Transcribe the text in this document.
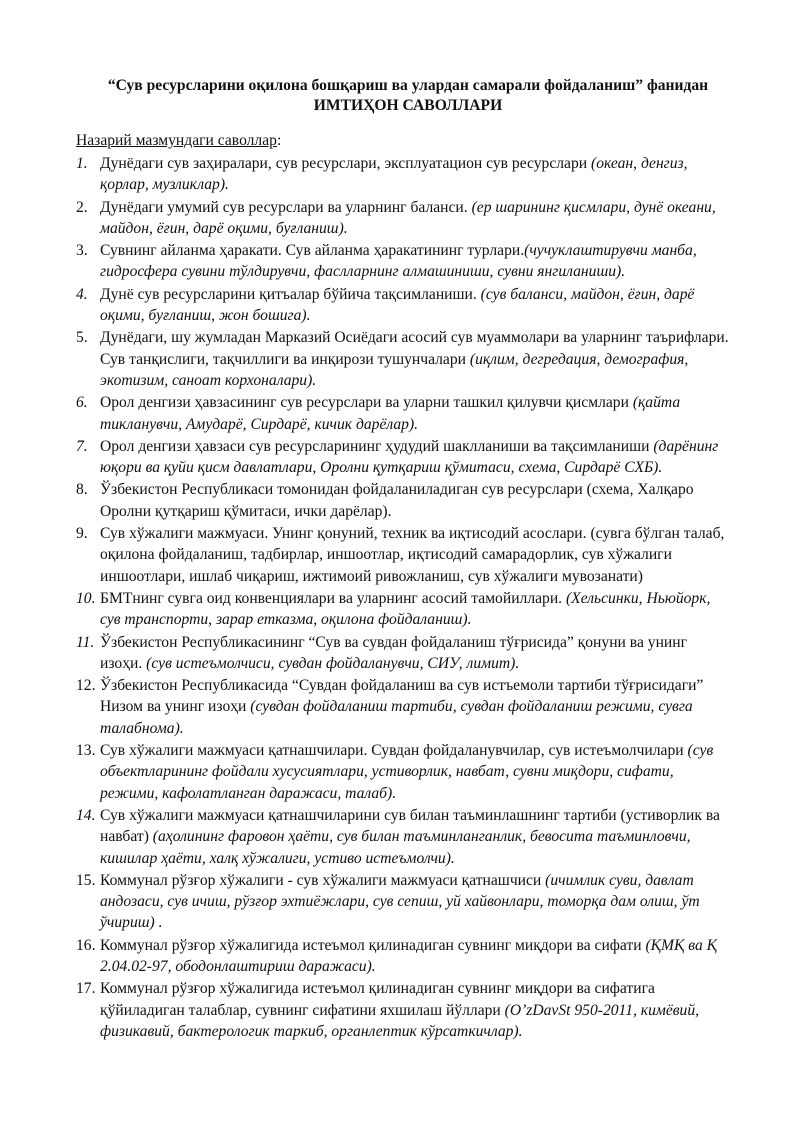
“Сув ресурсларини оқилона бошқариш ва улардан самарали фойдаланиш” фанидан
ИМТИҲОН САВОЛЛАРИ
Назарий мазмундаги саволлар:
1. Дунёдаги сув заҳиралари, сув ресурслари, эксплуатацион сув ресурслари (океан, денгиз, қорлар, музликлар).
2. Дунёдаги умумий сув ресурслари ва уларнинг баланси. (ер шарининг қисмлари, дунё океани, майдон, ёғин, дарё оқими, буғланиш).
3. Сувнинг айланма ҳаракати. Сув айланма ҳаракатининг турлари.(чучуклаштирувчи манба, гидросфера сувини тўлдирувчи, фаслларнинг алмашиниши, сувни янгиланиши).
4. Дунё сув ресурсларини қитъалар бўйича тақсимланиши. (сув баланси, майдон, ёғин, дарё оқими, буғланиш, жон бошига).
5. Дунёдаги, шу жумладан Марказий Осиёдаги асосий сув муаммолари ва уларнинг таърифлари. Сув танқислиги, тақчиллиги ва инқирози тушунчалари (иқлим, дегредация, демография, экотизим, саноат корхоналари).
6. Орол денгизи ҳавзасининг сув ресурслари ва уларни ташкил қилувчи қисмлари (қайта тикланувчи, Амударё, Сирдарё, кичик дарёлар).
7. Орол денгизи ҳавзаси сув ресурсларининг ҳудудий шаклланиши ва тақсимланиши (дарёнинг юқори ва қуйи қисм давлатлари, Оролни қутқариш қўмитаси, схема, Сирдарё СХБ).
8. Ўзбекистон Республикаси томонидан фойдаланиладиган сув ресурслари (схема, Халқаро Оролни қутқариш қўмитаси, ички дарёлар).
9. Сув хўжалиги мажмуаси. Унинг қонуний, техник ва иқтисодий асослари. (сувга бўлган талаб, оқилона фойдаланиш, тадбирлар, иншоотлар, иқтисодий самарадорлик, сув хўжалиги иншоотлари, ишлаб чиқариш, ижтимоий ривожланиш, сув хўжалиги мувозанати)
10. БМТнинг сувга оид конвенциялари ва уларнинг асосий тамойиллари. (Хельсинки, Ньюйорк, сув транспорти, зарар етказма, оқилона фойдаланиш).
11. Ўзбекистон Республикасининг “Сув ва сувдан фойдаланиш тўғрисида” қонуни ва унинг изоҳи. (сув истеъмолчиси, сувдан фойдаланувчи, СИУ, лимит).
12. Ўзбекистон Республикасида “Сувдан фойдаланиш ва сув истъемоли тартиби тўғрисидаги” Низом ва унинг изоҳи (сувдан фойдаланиш тартиби, сувдан фойдаланиш режими, сувга талабнома).
13. Сув хўжалиги мажмуаси қатнашчилари. Сувдан фойдаланувчилар, сув истеъмолчилари (сув объектларининг фойдали хусусиятлари, устиворлик, навбат, сувни миқдори, сифати, режими, кафолатланган даражаси, талаб).
14. Сув хўжалиги мажмуаси қатнашчиларини сув билан таъминлашнинг тартиби (устиворлик ва навбат) (аҳолининг фаровон ҳаёти, сув билан таъминланганлик, бевосита таъминловчи, кишилар ҳаёти, халқ хўжалиги, устиво истеъмолчи).
15. Коммунал рўзғор хўжалиги - сув хўжалиги мажмуаси қатнашчиси (ичимлик суви, давлат андозаси, сув ичиш, рўзғор эхтиёжлари, сув сепиш, уй хайвонлари, томорқа дам олиш, ўт ўчириш) .
16. Коммунал рўзғор хўжалигида истеъмол қилинадиган сувнинг миқдори ва сифати (ҚМҚ ва Қ 2.04.02-97, ободонлаштириш даражаси).
17. Коммунал рўзғор хўжалигида истеъмол қилинадиган сувнинг миқдори ва сифатига қўйиладиган талаблар, сувнинг сифатини яхшилаш йўллари (O’zDavSt 950-2011, кимёвий, физикавий, бактерологик таркиб, органлептик кўрсаткичлар).
